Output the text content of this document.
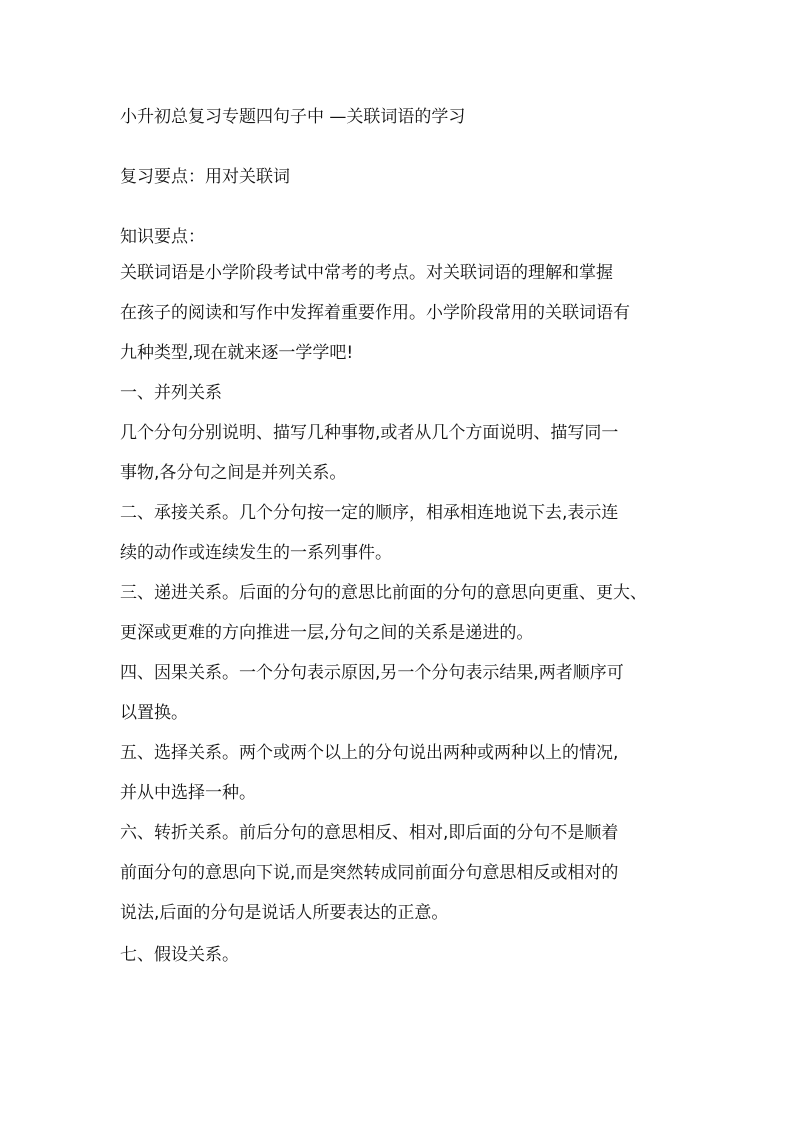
小升初总复习专题四句子中 —关联词语的学习
复习要点：用对关联词
知识要点：
关联词语是小学阶段考试中常考的考点。对关联词语的理解和掌握
在孩子的阅读和写作中发挥着重要作用。小学阶段常用的关联词语有
九种类型,现在就来逐一学学吧!
一、并列关系
几个分句分别说明、描写几种事物,或者从几个方面说明、描写同一
事物,各分句之间是并列关系。
二、承接关系。几个分句按一定的顺序，相承相连地说下去,表示连
续的动作或连续发生的一系列事件。
三、递进关系。后面的分句的意思比前面的分句的意思向更重、更大、
更深或更难的方向推进一层,分句之间的关系是递进的。
四、因果关系。一个分句表示原因,另一个分句表示结果,两者顺序可
以置换。
五、选择关系。两个或两个以上的分句说出两种或两种以上的情况,
并从中选择一种。
六、转折关系。前后分句的意思相反、相对,即后面的分句不是顺着
前面分句的意思向下说,而是突然转成同前面分句意思相反或相对的
说法,后面的分句是说话人所要表达的正意。
七、假设关系。
